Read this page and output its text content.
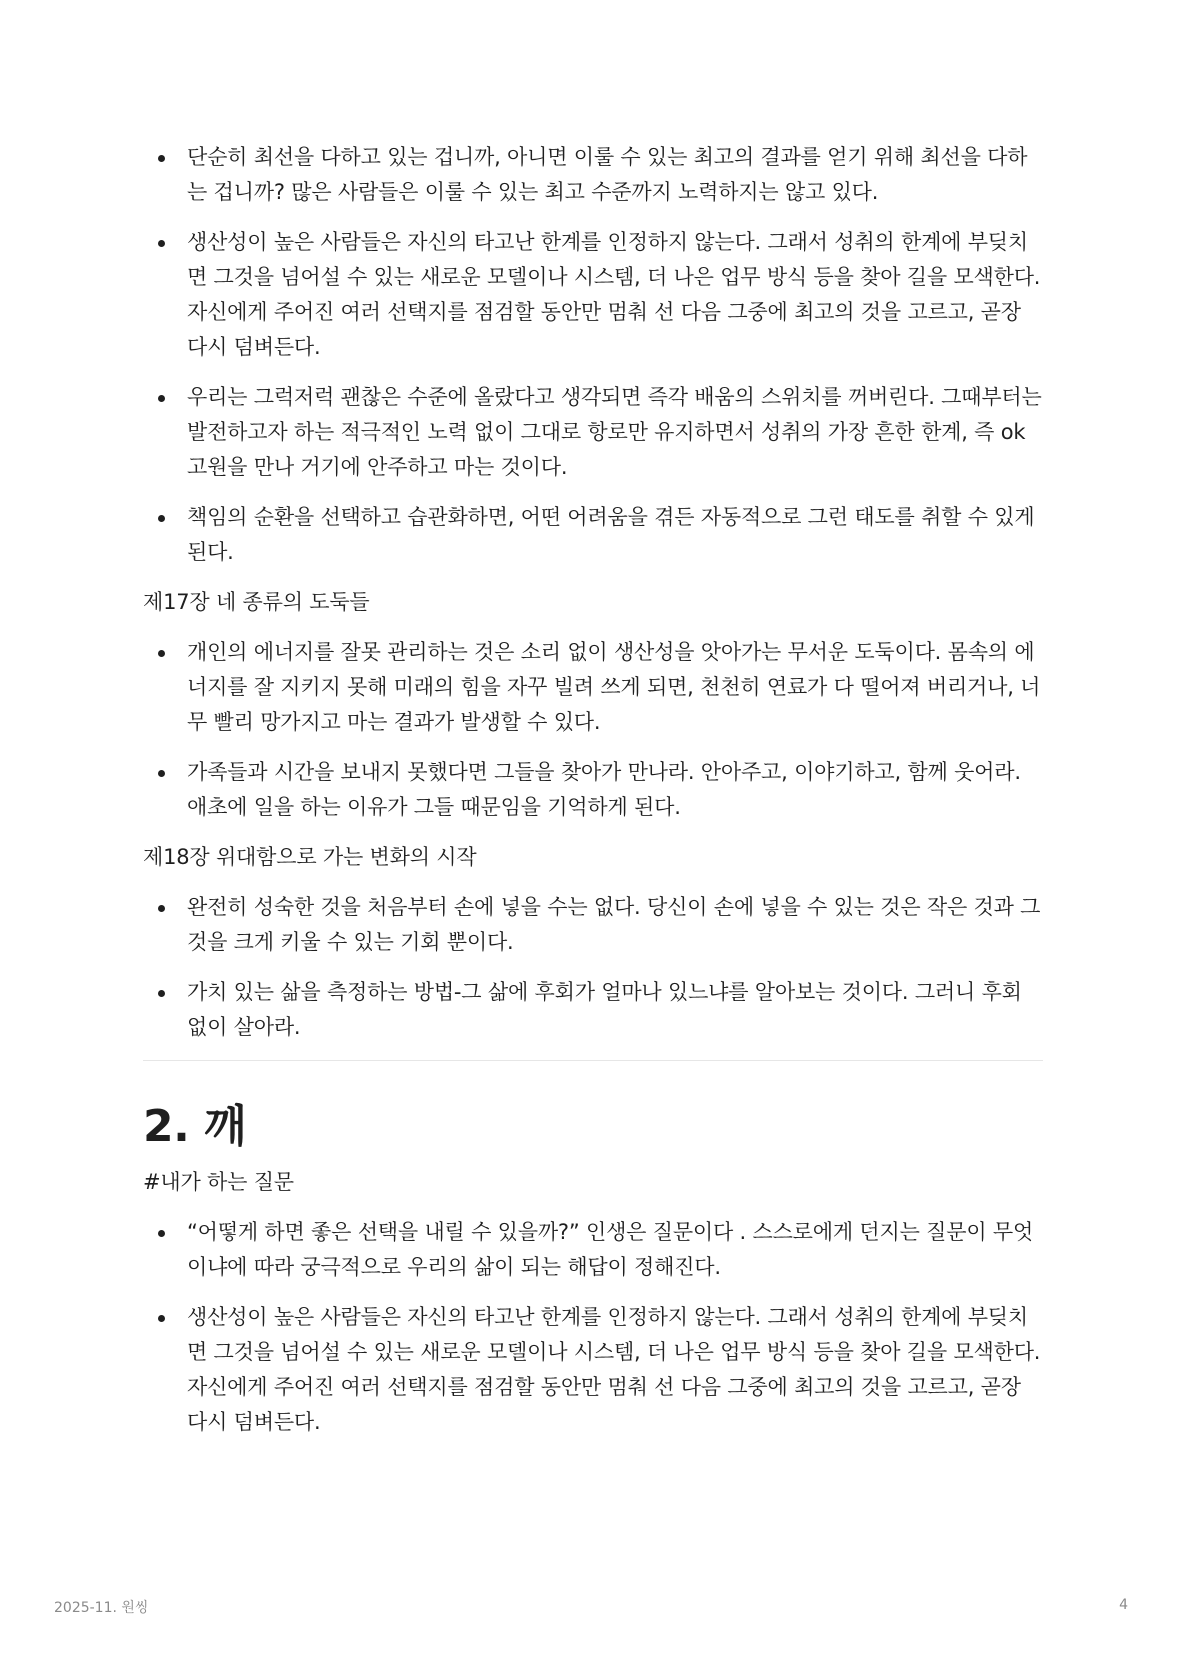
단순히 최선을 다하고 있는 겁니까, 아니면 이룰 수 있는 최고의 결과를 얻기 위해 최선을 다하는 겁니까? 많은 사람들은 이룰 수 있는 최고 수준까지 노력하지는 않고 있다.
생산성이 높은 사람들은 자신의 타고난 한계를 인정하지 않는다. 그래서 성취의 한계에 부딪치면 그것을 넘어설 수 있는 새로운 모델이나 시스템, 더 나은 업무 방식 등을 찾아 길을 모색한다. 자신에게 주어진 여러 선택지를 점검할 동안만 멈춰 선 다음 그중에 최고의 것을 고르고, 곧장 다시 덤벼든다.
우리는 그럭저럭 괜찮은 수준에 올랐다고 생각되면 즉각 배움의 스위치를 꺼버린다. 그때부터는 발전하고자 하는 적극적인 노력 없이 그대로 항로만 유지하면서 성취의 가장 흔한 한계, 즉 ok고원을 만나 거기에 안주하고 마는 것이다.
책임의 순환을 선택하고 습관화하면, 어떤 어려움을 겪든 자동적으로 그런 태도를 취할 수 있게 된다.

제17장 네 종류의 도둑들

개인의 에너지를 잘못 관리하는 것은 소리 없이 생산성을 앗아가는 무서운 도둑이다. 몸속의 에너지를 잘 지키지 못해 미래의 힘을 자꾸 빌려 쓰게 되면, 천천히 연료가 다 떨어져 버리거나, 너무 빨리 망가지고 마는 결과가 발생할 수 있다.
가족들과 시간을 보내지 못했다면 그들을 찾아가 만나라. 안아주고, 이야기하고, 함께 웃어라. 애초에 일을 하는 이유가 그들 때문임을 기억하게 된다.

제18장 위대함으로 가는 변화의 시작

완전히 성숙한 것을 처음부터 손에 넣을 수는 없다. 당신이 손에 넣을 수 있는 것은 작은 것과 그것을 크게 키울 수 있는 기회 뿐이다.
가치 있는 삶을 측정하는 방법-그 삶에 후회가 얼마나 있느냐를 알아보는 것이다. 그러니 후회 없이 살아라.
2. 깨

#내가 하는 질문

“어떻게 하면 좋은 선택을 내릴 수 있을까?” 인생은 질문이다 . 스스로에게 던지는 질문이 무엇이냐에 따라 궁극적으로 우리의 삶이 되는 해답이 정해진다.
생산성이 높은 사람들은 자신의 타고난 한계를 인정하지 않는다. 그래서 성취의 한계에 부딪치면 그것을 넘어설 수 있는 새로운 모델이나 시스템, 더 나은 업무 방식 등을 찾아 길을 모색한다. 자신에게 주어진 여러 선택지를 점검할 동안만 멈춰 선 다음 그중에 최고의 것을 고르고, 곧장 다시 덤벼든다.
2025-11. 원씽	4
